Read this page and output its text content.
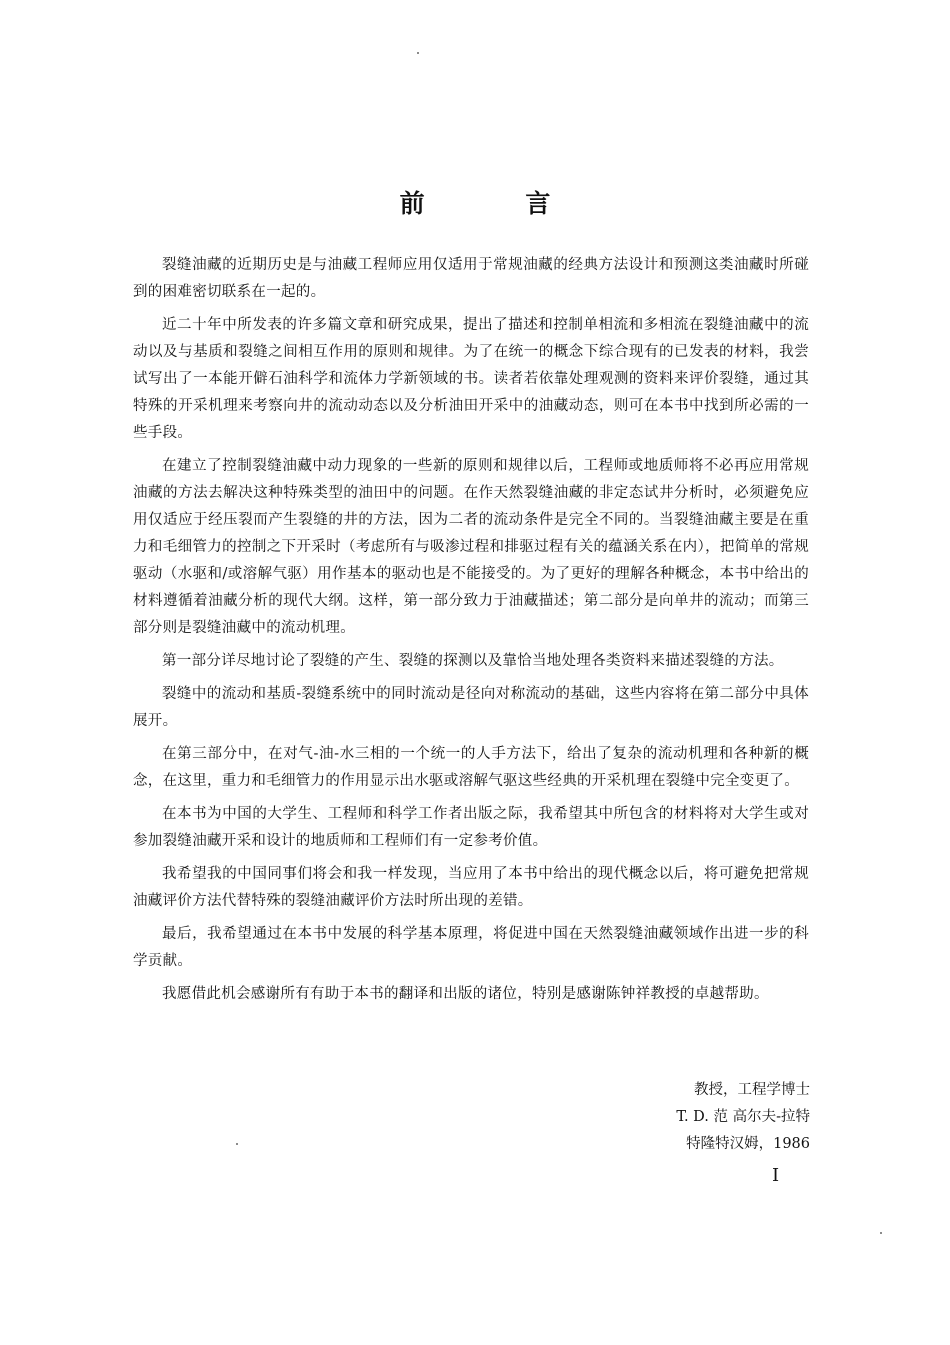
前 言

裂缝油藏的近期历史是与油藏工程师应用仅适用于常规油藏的经典方法设计和预测这类油藏时所碰到的困难密切联系在一起的。

近二十年中所发表的许多篇文章和研究成果，提出了描述和控制单相流和多相流在裂缝油藏中的流动以及与基质和裂缝之间相互作用的原则和规律。为了在统一的概念下综合现有的已发表的材料，我尝试写出了一本能开僻石油科学和流体力学新领域的书。读者若依靠处理观测的资料来评价裂缝，通过其特殊的开采机理来考察向井的流动动态以及分析油田开采中的油藏动态，则可在本书中找到所必需的一些手段。

在建立了控制裂缝油藏中动力现象的一些新的原则和规律以后，工程师或地质师将不必再应用常规油藏的方法去解决这种特殊类型的油田中的问题。在作天然裂缝油藏的非定态试井分析时，必须避免应用仅适应于经压裂而产生裂缝的井的方法，因为二者的流动条件是完全不同的。当裂缝油藏主要是在重力和毛细管力的控制之下开采时（考虑所有与吸渗过程和排驱过程有关的蕴涵关系在内），把简单的常规驱动（水驱和/或溶解气驱）用作基本的驱动也是不能接受的。为了更好的理解各种概念，本书中给出的材料遵循着油藏分析的现代大纲。这样，第一部分致力于油藏描述；第二部分是向单井的流动；而第三部分则是裂缝油藏中的流动机理。

第一部分详尽地讨论了裂缝的产生、裂缝的探测以及靠恰当地处理各类资料来描述裂缝的方法。

裂缝中的流动和基质-裂缝系统中的同时流动是径向对称流动的基础，这些内容将在第二部分中具体展开。

在第三部分中，在对气-油-水三相的一个统一的人手方法下，给出了复杂的流动机理和各种新的概念，在这里，重力和毛细管力的作用显示出水驱或溶解气驱这些经典的开采机理在裂缝中完全变更了。

在本书为中国的大学生、工程师和科学工作者出版之际，我希望其中所包含的材料将对大学生或对参加裂缝油藏开采和设计的地质师和工程师们有一定参考价值。

我希望我的中国同事们将会和我一样发现，当应用了本书中给出的现代概念以后，将可避免把常规油藏评价方法代替特殊的裂缝油藏评价方法时所出现的差错。

最后，我希望通过在本书中发展的科学基本原理，将促进中国在天然裂缝油藏领域作出进一步的科学贡献。

我愿借此机会感谢所有有助于本书的翻译和出版的诸位，特别是感谢陈钟祥教授的卓越帮助。

教授，工程学博士
T. D. 范 高尔夫-拉特
特隆特汉姆，1986

I
